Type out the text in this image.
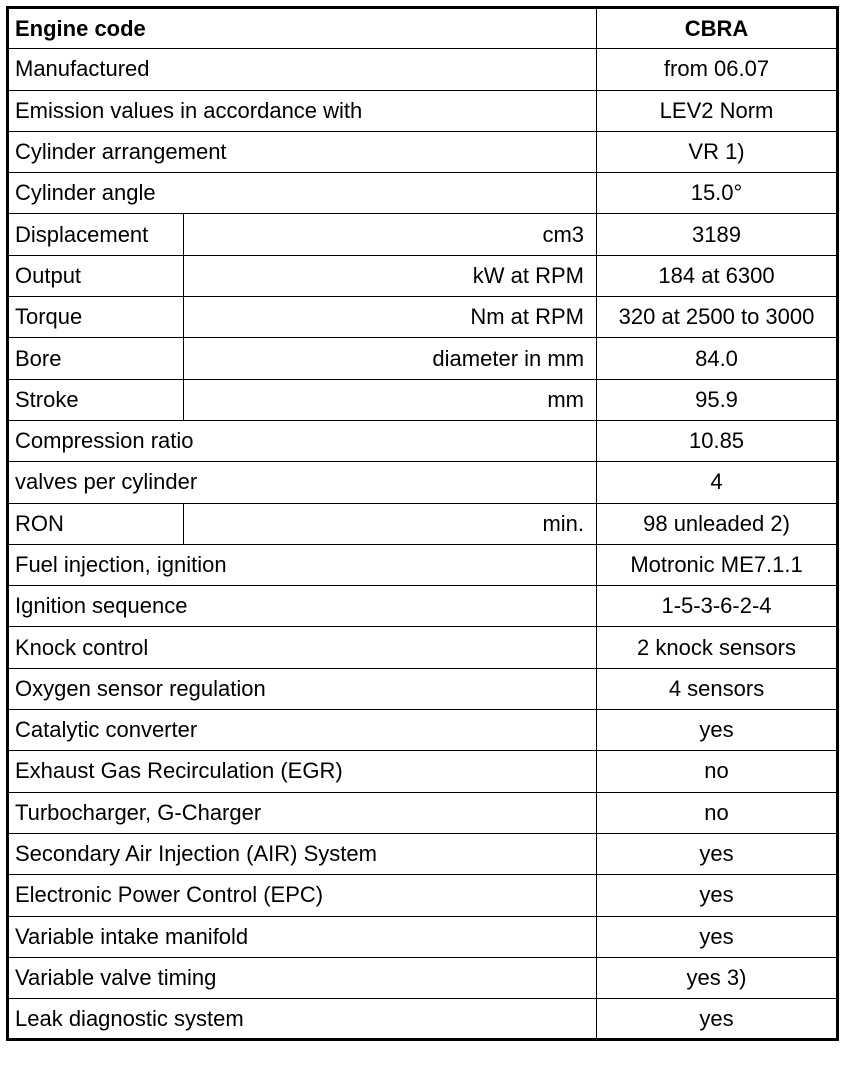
Engine code		CBRA
Manufactured		from 06.07
Emission values in accordance with		LEV2 Norm
Cylinder arrangement		VR 1)
Cylinder angle		15.0°
Displacement	cm3	3189
Output	kW at RPM	184 at 6300
Torque	Nm at RPM	320 at 2500 to 3000
Bore	diameter in mm	84.0
Stroke	mm	95.9
Compression ratio		10.85
valves per cylinder		4
RON	min.	98 unleaded 2)
Fuel injection, ignition		Motronic ME7.1.1
Ignition sequence		1-5-3-6-2-4
Knock control		2 knock sensors
Oxygen sensor regulation		4 sensors
Catalytic converter		yes
Exhaust Gas Recirculation (EGR)		no
Turbocharger, G-Charger		no
Secondary Air Injection (AIR) System		yes
Electronic Power Control (EPC)		yes
Variable intake manifold		yes
Variable valve timing		yes 3)
Leak diagnostic system		yes
